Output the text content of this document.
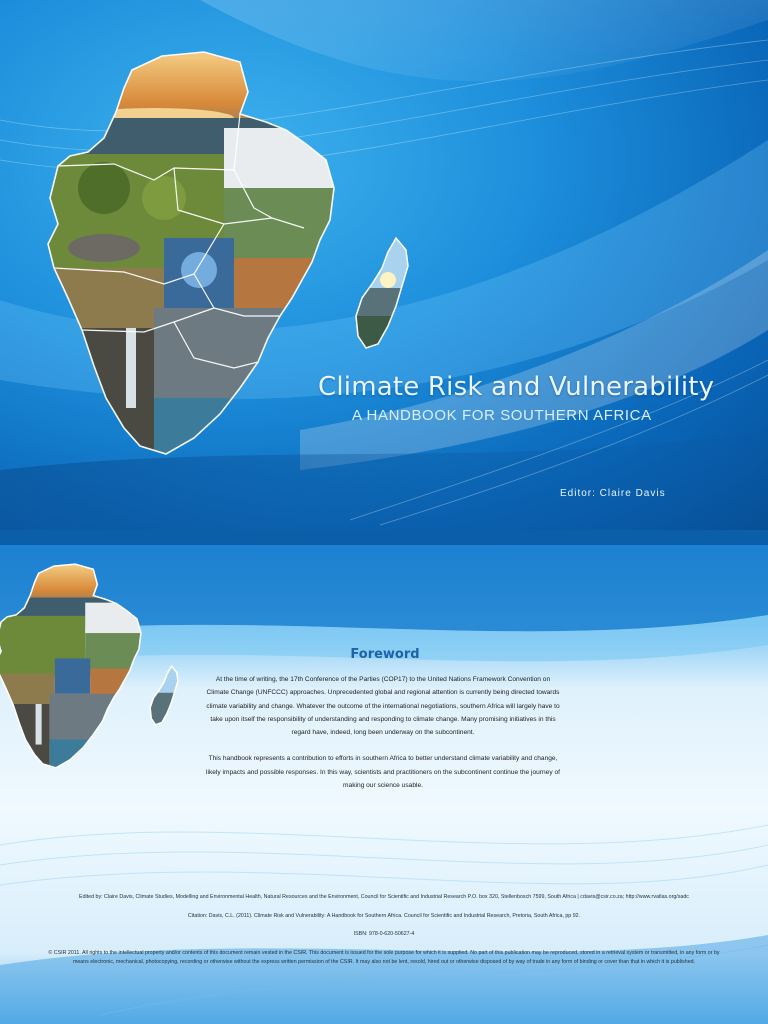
Climate Risk and Vulnerability
A HANDBOOK FOR SOUTHERN AFRICA
Editor: Claire Davis
Foreword

At the time of writing, the 17th Conference of the Parties (COP17) to the United Nations Framework Convention on Climate Change (UNFCCC) approaches. Unprecedented global and regional attention is currently being directed towards climate variability and change. Whatever the outcome of the international negotiations, southern Africa will largely have to take upon itself the responsibility of understanding and responding to climate change. Many promising initiatives in this regard have, indeed, long been underway on the subcontinent.

This handbook represents a contribution to efforts in southern Africa to better understand climate variability and change, likely impacts and possible responses. In this way, scientists and practitioners on the subcontinent continue the journey of making our science usable.

Edited by: Claire Davis, Climate Studies, Modelling and Environmental Health, Natural Resources and the Environment, Council for Scientific and Industrial Research P.O. box 320, Stellenbosch 7599, South Africa | cdavis@csir.co.za; http://www.rvatlas.org/sadc

Citation: Davis, C.L. (2011). Climate Risk and Vulnerability: A Handbook for Southern Africa. Council for Scientific and Industrial Research, Pretoria, South Africa, pp 92.

ISBN: 978-0-620-50627-4

© CSIR 2011. All rights to the intellectual property and/or contents of this document remain vested in the CSIR. This document is issued for the sole purpose for which it is supplied. No part of this publication may be reproduced, stored in a retrieval system or transmitted, in any form or by means electronic, mechanical, photocopying, recording or otherwise without the express written permission of the CSIR. It may also not be lent, resold, hired out or otherwise disposed of by way of trade in any form of binding or cover than that in which it is published.
